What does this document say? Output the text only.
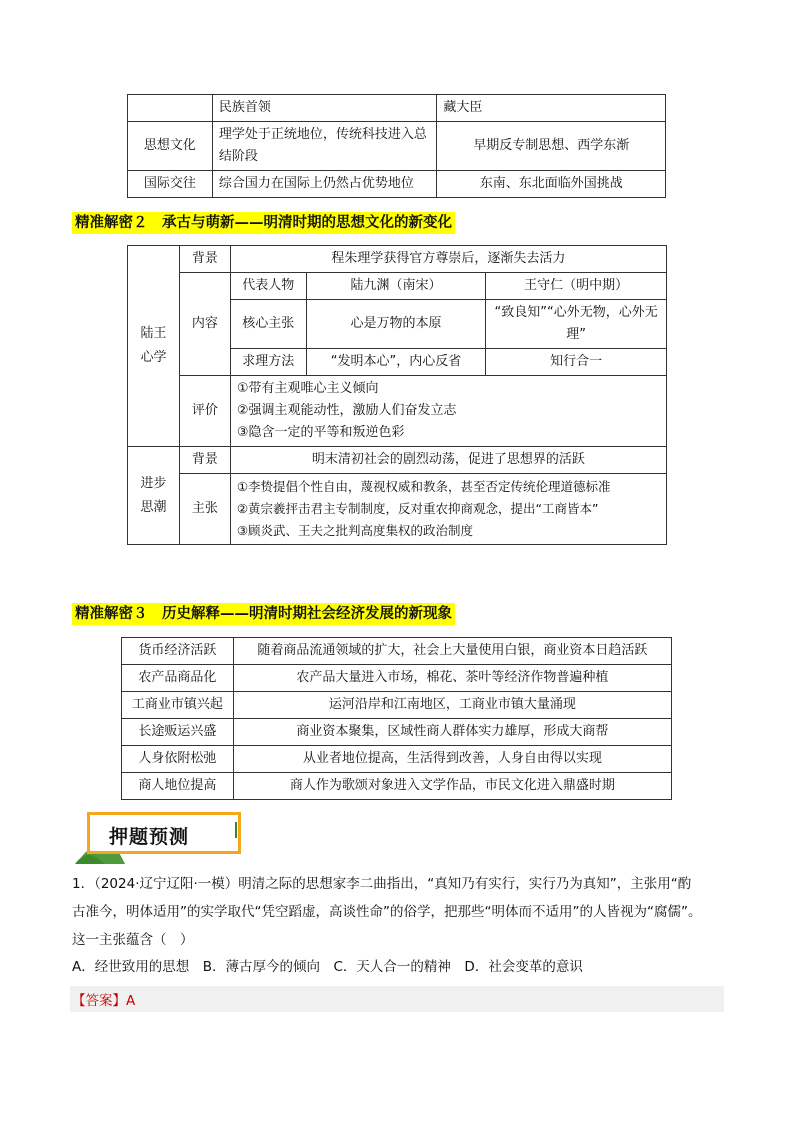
	民族首领	藏大臣
思想文化	理学处于正统地位，传统科技进入总结阶段	早期反专制思想、西学东渐
国际交往	综合国力在国际上仍然占优势地位	东南、东北面临外国挑战
精准解密２　 承古与萌新——明清时期的思想文化的新变化
陆王心学	背景	程朱理学获得官方尊崇后，逐渐失去活力		
	内容	代表人物	陆九渊（南宋）	王守仁（明中期）
		核心主张	心是万物的本原	“致良知”“心外无物，心外无理”
		求理方法	“发明本心”，内心反省	知行合一
	评价	①带有主观唯心主义倾向
②强调主观能动性，激励人们奋发立志
③隐含一定的平等和叛逆色彩		

进步思潮	背景	明末清初社会的剧烈动荡，促进了思想界的活跃		
	主张	①李贽提倡个性自由，蔑视权威和教条，甚至否定传统伦理道德标准
②黄宗羲抨击君主专制制度，反对重农抑商观念，提出“工商皆本”
③顾炎武、王夫之批判高度集权的政治制度		
精准解密３　 历史解释——明清时期社会经济发展的新现象
货币经济活跃	随着商品流通领域的扩大，社会上大量使用白银，商业资本日趋活跃
农产品商品化	农产品大量进入市场，棉花、茶叶等经济作物普遍种植
工商业市镇兴起	运河沿岸和江南地区，工商业市镇大量涌现
长途贩运兴盛	商业资本聚集，区域性商人群体实力雄厚，形成大商帮
人身依附松弛	从业者地位提高，生活得到改善，人身自由得以实现
商人地位提高	商人作为歌颂对象进入文学作品，市民文化进入鼎盛时期
押题预测
1．（2024·辽宁辽阳·一模）明清之际的思想家李二曲指出，“真知乃有实行，实行乃为真知”，主张用“酌
古准今，明体适用”的实学取代“凭空蹈虚，高谈性命”的俗学，把那些“明体而不适用”的人皆视为“腐儒”。
这一主张蕴含（　）
A．经世致用的思想　B．薄古厚今的倾向　C．天人合一的精神　D．社会变革的意识
【答案】A
